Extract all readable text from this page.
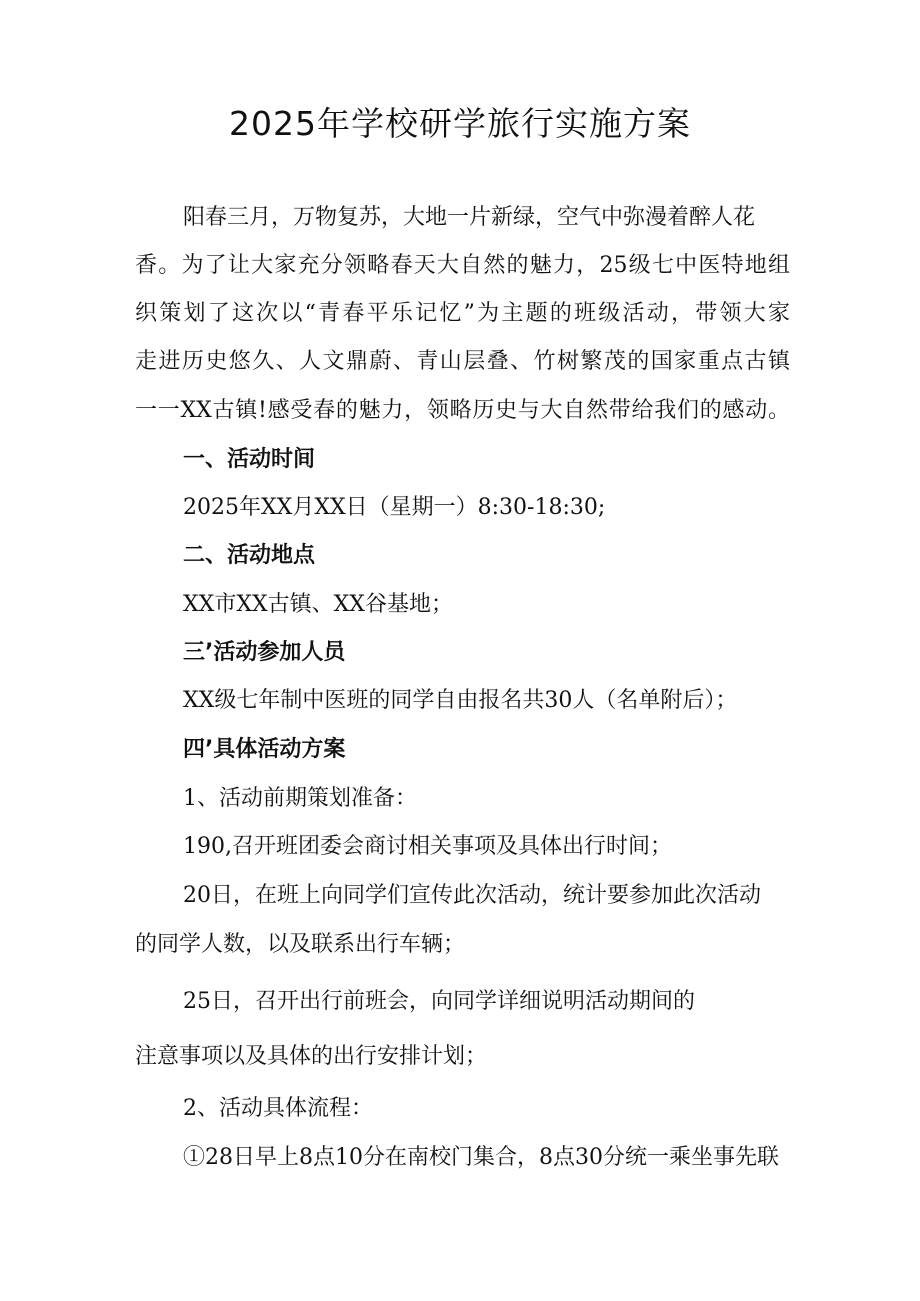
2025年学校研学旅行实施方案
阳春三月，万物复苏，大地一片新绿，空气中弥漫着醉人花
香。为了让大家充分领略春天大自然的魅力，25级七中医特地组
织策划了这次以“青春平乐记忆”为主题的班级活动，带领大家
走进历史悠久、人文鼎蔚、青山层叠、竹树繁茂的国家重点古镇
一一XX古镇!感受春的魅力，领略历史与大自然带给我们的感动。
一、活动时间
2025年XX月XX日（星期一）8:30-18:30;
二、活动地点
XX市XX古镇、XX谷基地；
三’活动参加人员
XX级七年制中医班的同学自由报名共30人（名单附后）；
四’具体活动方案
1、活动前期策划准备：
190,召开班团委会商讨相关事项及具体出行时间；
20日，在班上向同学们宣传此次活动，统计要参加此次活动
的同学人数，以及联系出行车辆；
25日，召开出行前班会，向同学详细说明活动期间的
注意事项以及具体的出行安排计划；
2、活动具体流程：
①28日早上8点10分在南校门集合，8点30分统一乘坐事先联
